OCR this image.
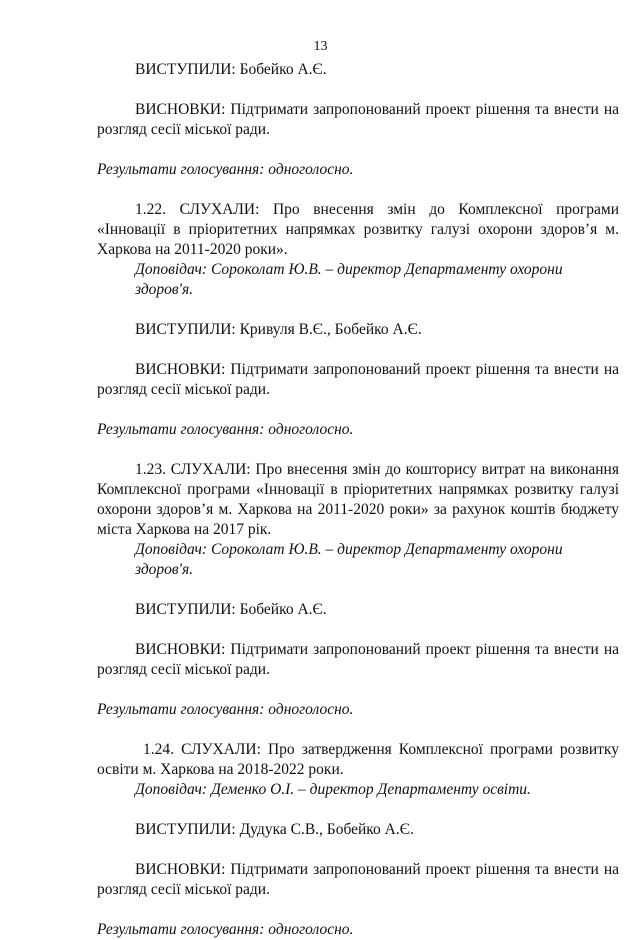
13

ВИСТУПИЛИ: Бобейко А.Є.

ВИСНОВКИ: Підтримати запропонований проект рішення та внести на розгляд сесії міської ради.

Результати голосування: одноголосно.

1.22. СЛУХАЛИ: Про внесення змін до Комплексної програми «Інновації в пріоритетних напрямках розвитку галузі охорони здоров’я м. Харкова на 2011-2020 роки».

Доповідач: Сороколат Ю.В. – директор Департаменту охорони здоров'я.

ВИСТУПИЛИ: Кривуля В.Є., Бобейко А.Є.

ВИСНОВКИ: Підтримати запропонований проект рішення та внести на розгляд сесії міської ради.

Результати голосування: одноголосно.

1.23. СЛУХАЛИ: Про внесення змін до кошторису витрат на виконання Комплексної програми «Інновації в пріоритетних напрямках розвитку галузі охорони здоров’я м. Харкова на 2011-2020 роки» за рахунок коштів бюджету міста Харкова на 2017 рік.

Доповідач: Сороколат Ю.В. – директор Департаменту охорони здоров'я.

ВИСТУПИЛИ: Бобейко А.Є.

ВИСНОВКИ: Підтримати запропонований проект рішення та внести на розгляд сесії міської ради.

Результати голосування: одноголосно.

1.24. СЛУХАЛИ: Про затвердження Комплексної програми розвитку освіти м. Харкова на 2018-2022 роки.

Доповідач: Деменко О.І. – директор Департаменту освіти.

ВИСТУПИЛИ: Дудука С.В., Бобейко А.Є.

ВИСНОВКИ: Підтримати запропонований проект рішення та внести на розгляд сесії міської ради.

Результати голосування: одноголосно.
